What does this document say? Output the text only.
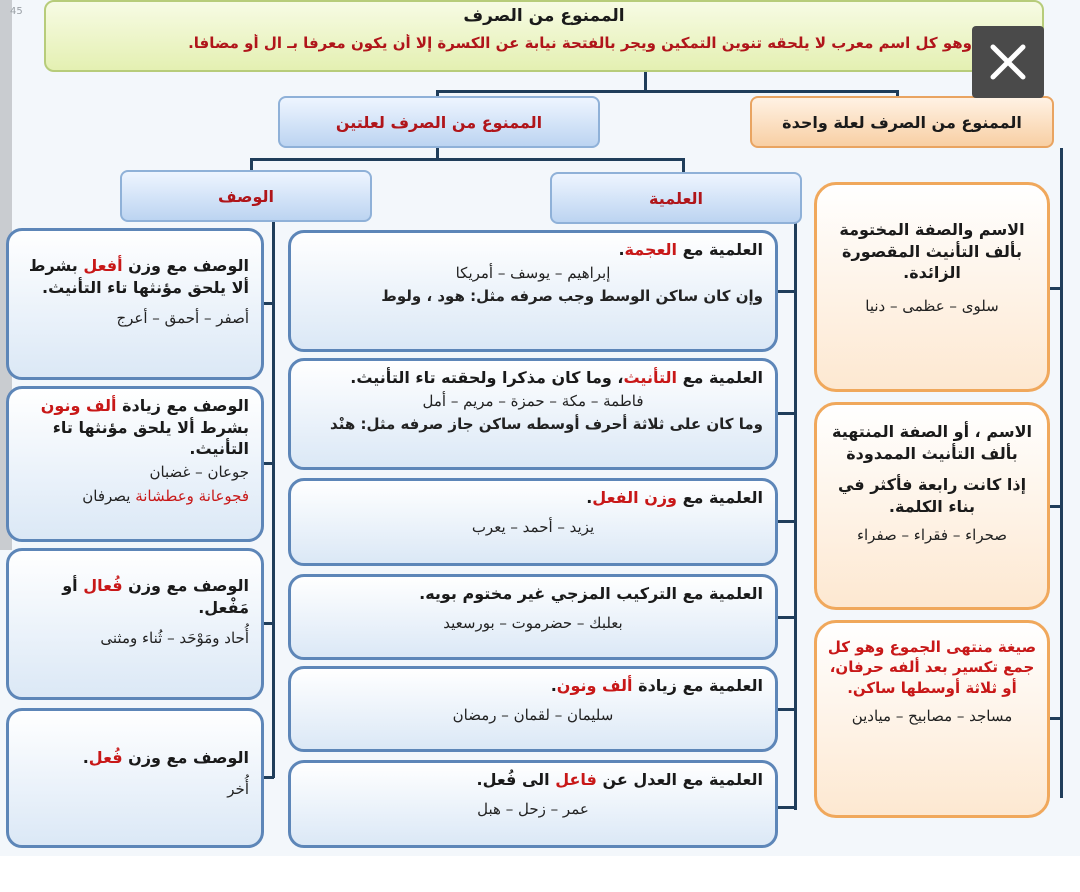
45	الممنوع من الصرف
وهو كل اسم معرب لا يلحقه تنوين التمكين ويجر بالفتحة نيابة عن الكسرة إلا أن يكون معرفا بـ ال أو مضافا.
الممنوع من الصرف لعلتين	الممنوع من الصرف لعلة واحدة
الوصف	العلمية
الاسم والصفة المختومة بألف التأنيث المقصورة الزائدة.
سلوى – عظمى – دنيا
الاسم ، أو الصفة المنتهية بألف التأنيث الممدودة
إذا كانت رابعة فأكثر في بناء الكلمة.
صحراء – فقراء – صفراء
صيغة منتهى الجموع وهو كل جمع تكسير بعد ألفه حرفان، أو ثلاثة أوسطها ساكن.
مساجد – مصابيح – ميادين
العلمية مع العجمة.
إبراهيم – يوسف – أمريكا
وإن كان ساكن الوسط وجب صرفه مثل: هود ، ولوط
العلمية مع التأنيث، وما كان مذكرا ولحقته تاء التأنيث.
فاطمة – مكة – حمزة – مريم – أمل
وما كان على ثلاثة أحرف أوسطه ساكن جاز صرفه مثل: هنْد
العلمية مع وزن الفعل.
يزيد – أحمد – يعرب
العلمية مع التركيب المزجي غير مختوم بويه.
بعلبك – حضرموت – بورسعيد
العلمية مع زيادة ألف ونون.
سليمان – لقمان – رمضان
العلمية مع العدل عن فاعل الى فُعل.
عمر – زحل – هبل
الوصف مع وزن أفعل بشرط ألا يلحق مؤنثها تاء التأنيث.
أصفر – أحمق – أعرج
الوصف مع زيادة ألف ونون بشرط ألا يلحق مؤنثها تاء التأنيث.
جوعان – غضبان
فجوعانة وعطشانة يصرفان
الوصف مع وزن فُعال أو مَفْعل.
أُحاد ومَوْحَد – ثُناء ومثنى
الوصف مع وزن فُعل.
أُخر
